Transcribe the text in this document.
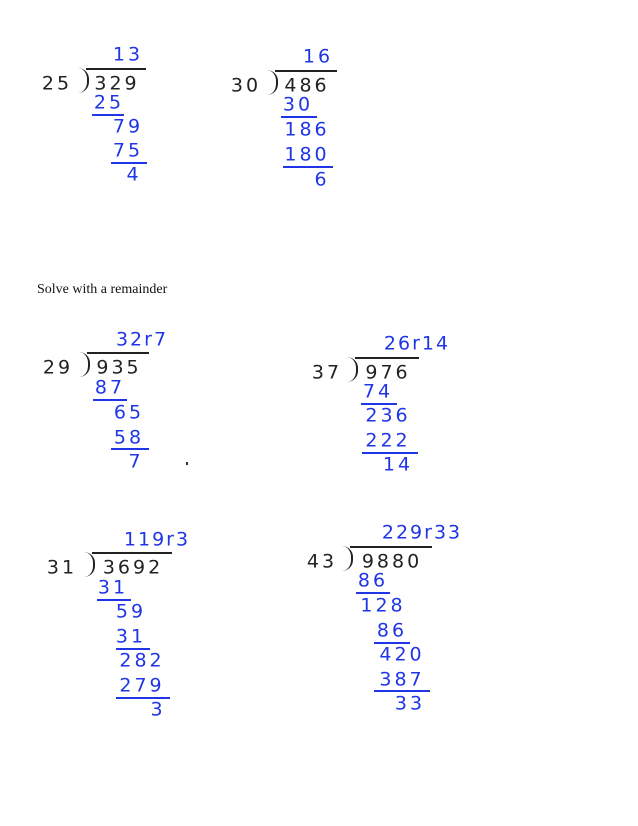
13
25 329
25
79
75
4
16
30 486
30
186
180
6
Solve with a remainder
32r7
29 935
87
65
58
7
26r14
37 976
74
236
222
14
119r3
31 3692
31
59
31
282
279
3
229r33
43 9880
86
128
86
420
387
33
